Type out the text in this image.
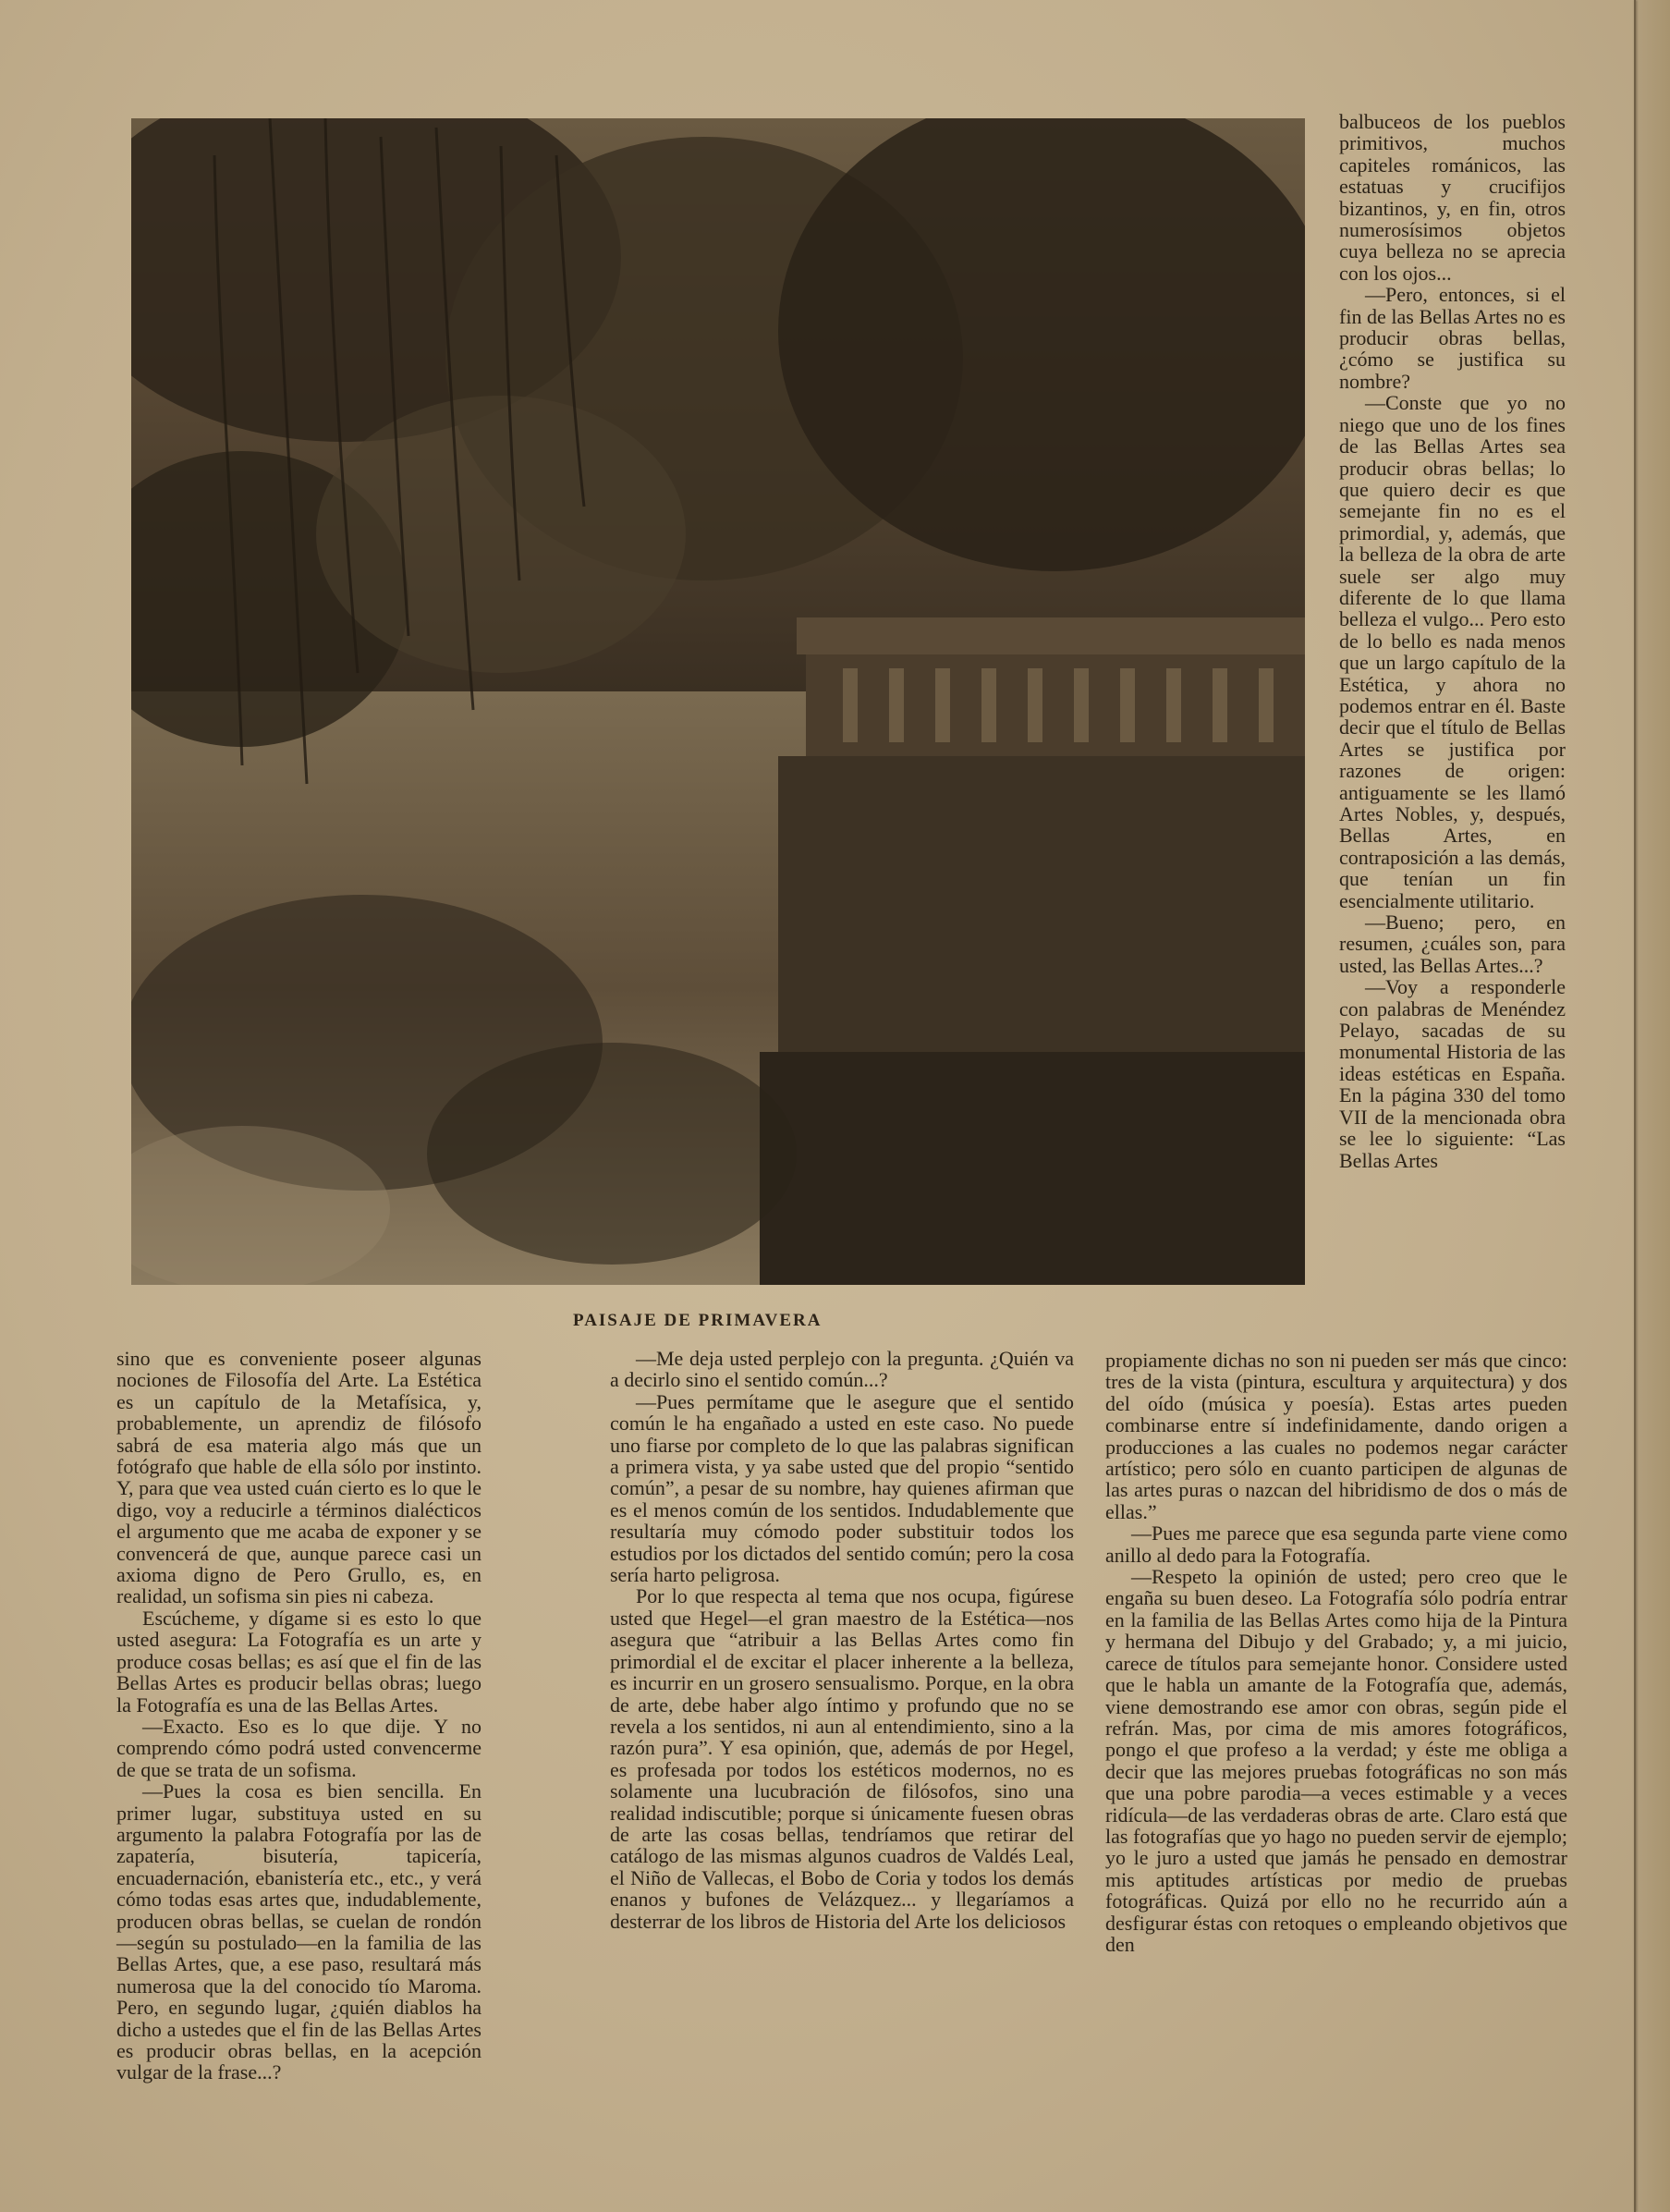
PAISAJE DE PRIMAVERA

balbuceos de los pueblos primitivos, muchos capiteles románicos, las estatuas y crucifijos bizantinos, y, en fin, otros numerosísimos objetos cuya belleza no se aprecia con los ojos...

—Pero, entonces, si el fin de las Bellas Artes no es producir obras bellas, ¿cómo se justifica su nombre?

—Conste que yo no niego que uno de los fines de las Bellas Artes sea producir obras bellas; lo que quiero decir es que semejante fin no es el primordial, y, además, que la belleza de la obra de arte suele ser algo muy diferente de lo que llama belleza el vulgo... Pero esto de lo bello es nada menos que un largo capítulo de la Estética, y ahora no podemos entrar en él. Baste decir que el título de Bellas Artes se justifica por razones de origen: antiguamente se les llamó Artes Nobles, y, después, Bellas Artes, en contraposición a las demás, que tenían un fin esencialmente utilitario.

—Bueno; pero, en resumen, ¿cuáles son, para usted, las Bellas Artes...?

—Voy a responderle con palabras de Menéndez Pelayo, sacadas de su monumental Historia de las ideas estéticas en España. En la página 330 del tomo VII de la mencionada obra se lee lo siguiente: “Las Bellas Artes

sino que es conveniente poseer algunas nociones de Filosofía del Arte. La Estética es un capítulo de la Metafísica, y, probablemente, un aprendiz de filósofo sabrá de esa materia algo más que un fotógrafo que hable de ella sólo por instinto. Y, para que vea usted cuán cierto es lo que le digo, voy a reducirle a términos dialécticos el argumento que me acaba de exponer y se convencerá de que, aunque parece casi un axioma digno de Pero Grullo, es, en realidad, un sofisma sin pies ni cabeza.

Escúcheme, y dígame si es esto lo que usted asegura: La Fotografía es un arte y produce cosas bellas; es así que el fin de las Bellas Artes es producir bellas obras; luego la Fotografía es una de las Bellas Artes.

—Exacto. Eso es lo que dije. Y no comprendo cómo podrá usted convencerme de que se trata de un sofisma.

—Pues la cosa es bien sencilla. En primer lugar, substituya usted en su argumento la palabra Fotografía por las de zapatería, bisutería, tapicería, encuadernación, ebanistería etc., etc., y verá cómo todas esas artes que, indudablemente, producen obras bellas, se cuelan de rondón—según su postulado—en la familia de las Bellas Artes, que, a ese paso, resultará más numerosa que la del conocido tío Maroma. Pero, en segundo lugar, ¿quién diablos ha dicho a ustedes que el fin de las Bellas Artes es producir obras bellas, en la acepción vulgar de la frase...?

—Me deja usted perplejo con la pregunta. ¿Quién va a decirlo sino el sentido común...?

—Pues permítame que le asegure que el sentido común le ha engañado a usted en este caso. No puede uno fiarse por completo de lo que las palabras significan a primera vista, y ya sabe usted que del propio “sentido común”, a pesar de su nombre, hay quienes afirman que es el menos común de los sentidos. Indudablemente que resultaría muy cómodo poder substituir todos los estudios por los dictados del sentido común; pero la cosa sería harto peligrosa.

Por lo que respecta al tema que nos ocupa, figúrese usted que Hegel—el gran maestro de la Estética—nos asegura que “atribuir a las Bellas Artes como fin primordial el de excitar el placer inherente a la belleza, es incurrir en un grosero sensualismo. Porque, en la obra de arte, debe haber algo íntimo y profundo que no se revela a los sentidos, ni aun al entendimiento, sino a la razón pura”. Y esa opinión, que, además de por Hegel, es profesada por todos los estéticos modernos, no es solamente una lucubración de filósofos, sino una realidad indiscutible; porque si únicamente fuesen obras de arte las cosas bellas, tendríamos que retirar del catálogo de las mismas algunos cuadros de Valdés Leal, el Niño de Vallecas, el Bobo de Coria y todos los demás enanos y bufones de Velázquez... y llegaríamos a desterrar de los libros de Historia del Arte los deliciosos

propiamente dichas no son ni pueden ser más que cinco: tres de la vista (pintura, escultura y arquitectura) y dos del oído (música y poesía). Estas artes pueden combinarse entre sí indefinidamente, dando origen a producciones a las cuales no podemos negar carácter artístico; pero sólo en cuanto participen de algunas de las artes puras o nazcan del hibridismo de dos o más de ellas.”

—Pues me parece que esa segunda parte viene como anillo al dedo para la Fotografía.

—Respeto la opinión de usted; pero creo que le engaña su buen deseo. La Fotografía sólo podría entrar en la familia de las Bellas Artes como hija de la Pintura y hermana del Dibujo y del Grabado; y, a mi juicio, carece de títulos para semejante honor. Considere usted que le habla un amante de la Fotografía que, además, viene demostrando ese amor con obras, según pide el refrán. Mas, por cima de mis amores fotográficos, pongo el que profeso a la verdad; y éste me obliga a decir que las mejores pruebas fotográficas no son más que una pobre parodia—a veces estimable y a veces ridícula—de las verdaderas obras de arte. Claro está que las fotografías que yo hago no pueden servir de ejemplo; yo le juro a usted que jamás he pensado en demostrar mis aptitudes artísticas por medio de pruebas fotográficas. Quizá por ello no he recurrido aún a desfigurar éstas con retoques o empleando objetivos que den
